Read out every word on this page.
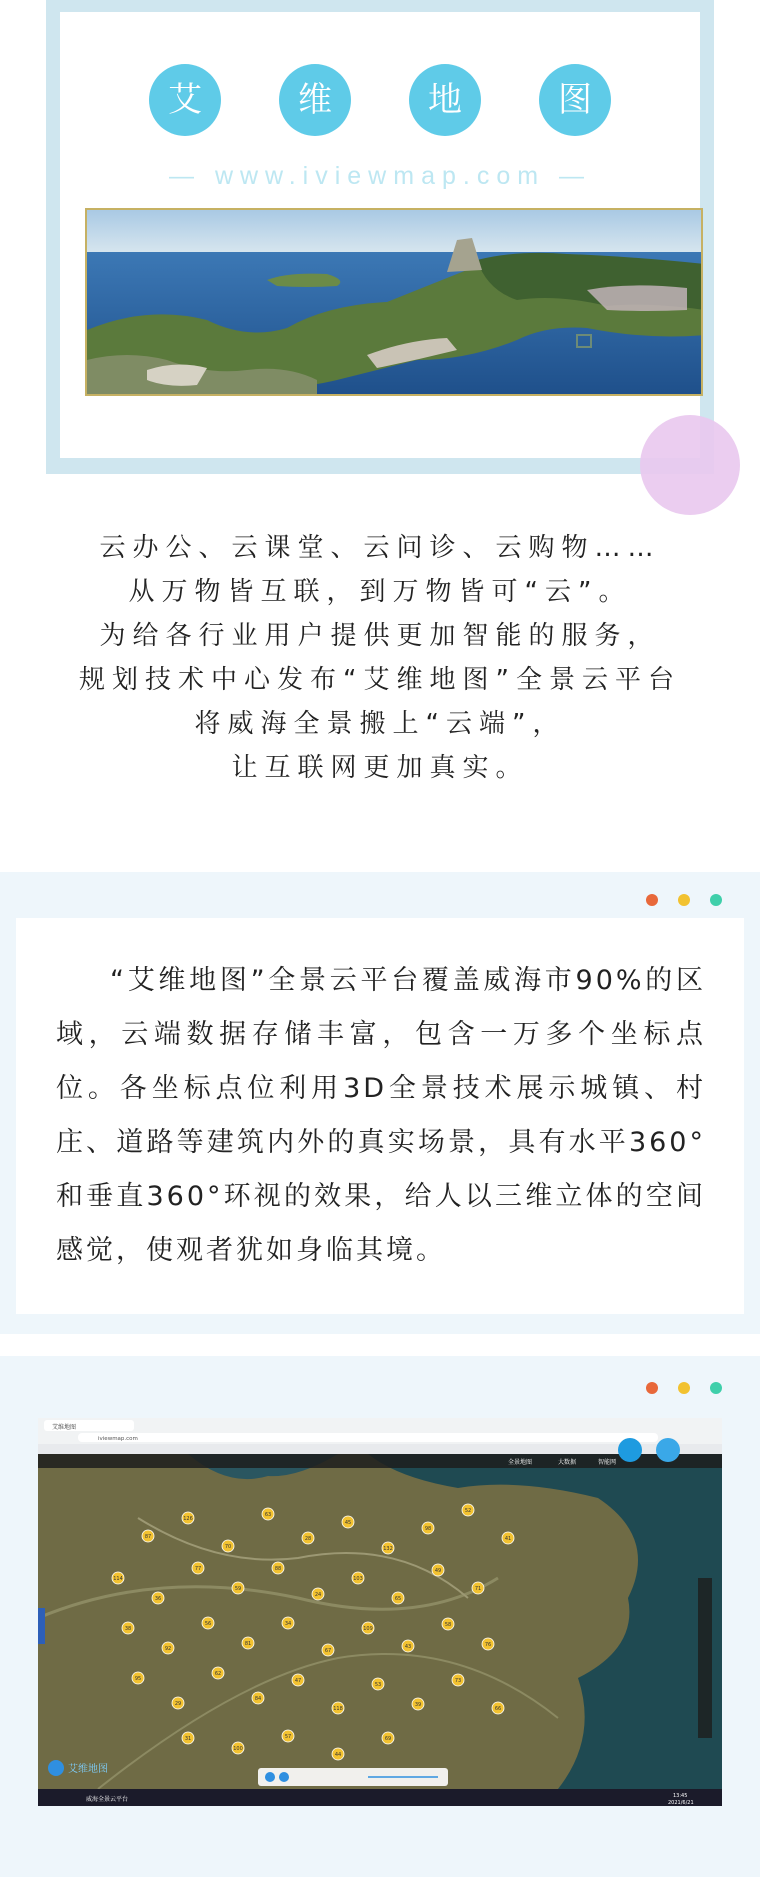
艾	维	地	图
— www.iviewmap.com —

云办公、云课堂、云问诊、云购物……

从万物皆互联，到万物皆可“云”。

为给各行业用户提供更加智能的服务，

规划技术中心发布“艾维地图”全景云平台

将威海全景搬上“云端”，

让互联网更加真实。

“艾维地图”全景云平台覆盖威海市90%的区域，云端数据存储丰富，包含一万多个坐标点位。各坐标点位利用3D全景技术展示城镇、村庄、道路等建筑内外的真实场景，具有水平360°和垂直360°环视的效果，给人以三维立体的空间感觉，使观者犹如身临其境。

艾维地图
iviewmap.com
全景地图	大数据	智能网
87
126
70
63
28
45
132
98
52
41
114
36
77
59
88
24
103
65
49
71
38
92
56
81
34
67
109
43
58
76
95
29
62
84
47
118
53
39
73
66
31
100
57
44
69
艾维地图
威海全景云平台	13:45
2021/6/21
